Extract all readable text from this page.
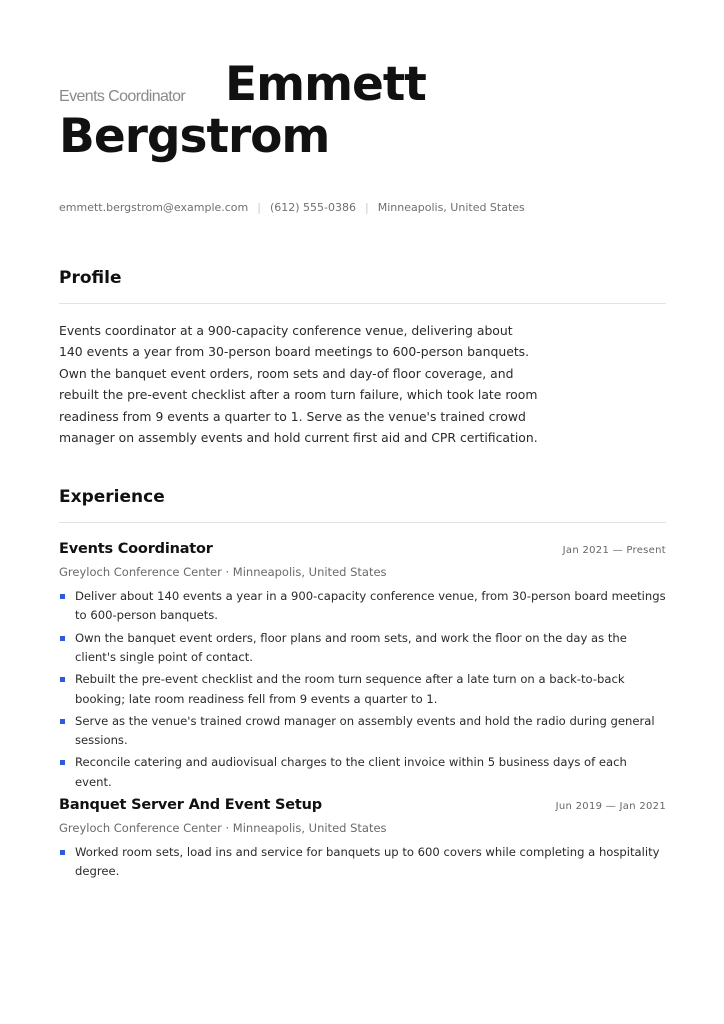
Events Coordinator Emmett
Bergstrom
emmett.bergstrom@example.com | (612) 555-0386 | Minneapolis, United States
Profile
Events coordinator at a 900-capacity conference venue, delivering about 140 events a year from 30-person board meetings to 600-person banquets. Own the banquet event orders, room sets and day-of floor coverage, and rebuilt the pre-event checklist after a room turn failure, which took late room readiness from 9 events a quarter to 1. Serve as the venue's trained crowd manager on assembly events and hold current first aid and CPR certification.
Experience
Events Coordinator	Jan 2021 — Present
Greyloch Conference Center · Minneapolis, United States
Deliver about 140 events a year in a 900-capacity conference venue, from 30-person board meetings to 600-person banquets.
Own the banquet event orders, floor plans and room sets, and work the floor on the day as the client's single point of contact.
Rebuilt the pre-event checklist and the room turn sequence after a late turn on a back-to-back booking; late room readiness fell from 9 events a quarter to 1.
Serve as the venue's trained crowd manager on assembly events and hold the radio during general sessions.
Reconcile catering and audiovisual charges to the client invoice within 5 business days of each event.
Banquet Server And Event Setup	Jun 2019 — Jan 2021
Greyloch Conference Center · Minneapolis, United States
Worked room sets, load ins and service for banquets up to 600 covers while completing a hospitality degree.
